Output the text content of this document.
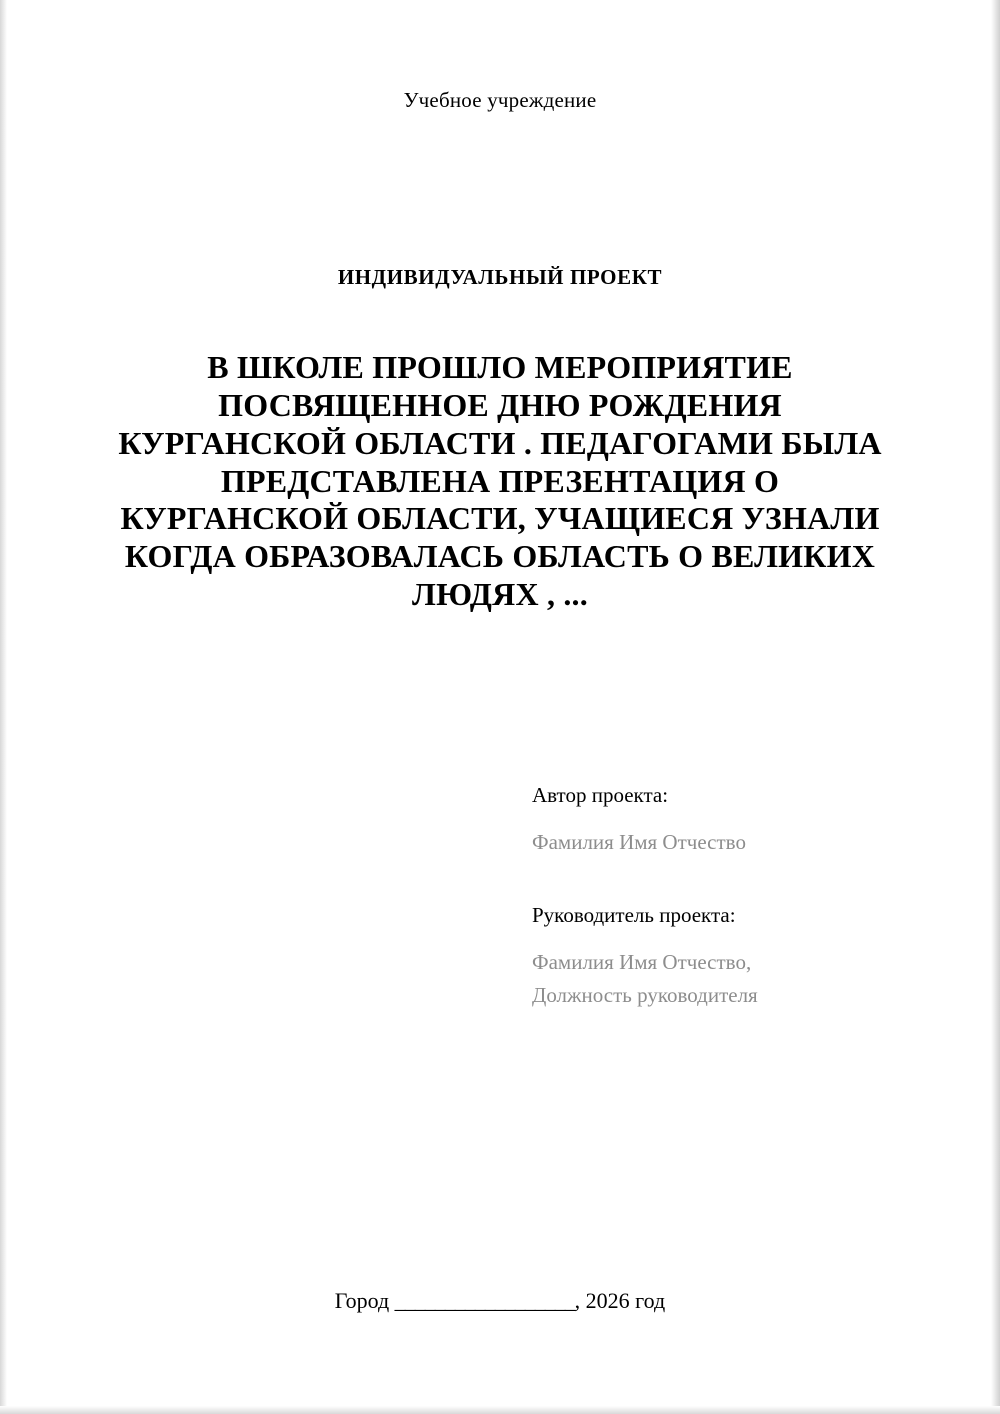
Учебное учреждение
ИНДИВИДУАЛЬНЫЙ ПРОЕКТ
В ШКОЛЕ ПРОШЛО МЕРОПРИЯТИЕ ПОСВЯЩЕННОЕ ДНЮ РОЖДЕНИЯ КУРГАНСКОЙ ОБЛАСТИ . ПЕДАГОГАМИ БЫЛА ПРЕДСТАВЛЕНА ПРЕЗЕНТАЦИЯ О КУРГАНСКОЙ ОБЛАСТИ, УЧАЩИЕСЯ УЗНАЛИ КОГДА ОБРАЗОВАЛАСЬ ОБЛАСТЬ О ВЕЛИКИХ ЛЮДЯХ , ...

Автор проекта:

Фамилия Имя Отчество

Руководитель проекта:

Фамилия Имя Отчество,

Должность руководителя

Город __________________, 2026 год
